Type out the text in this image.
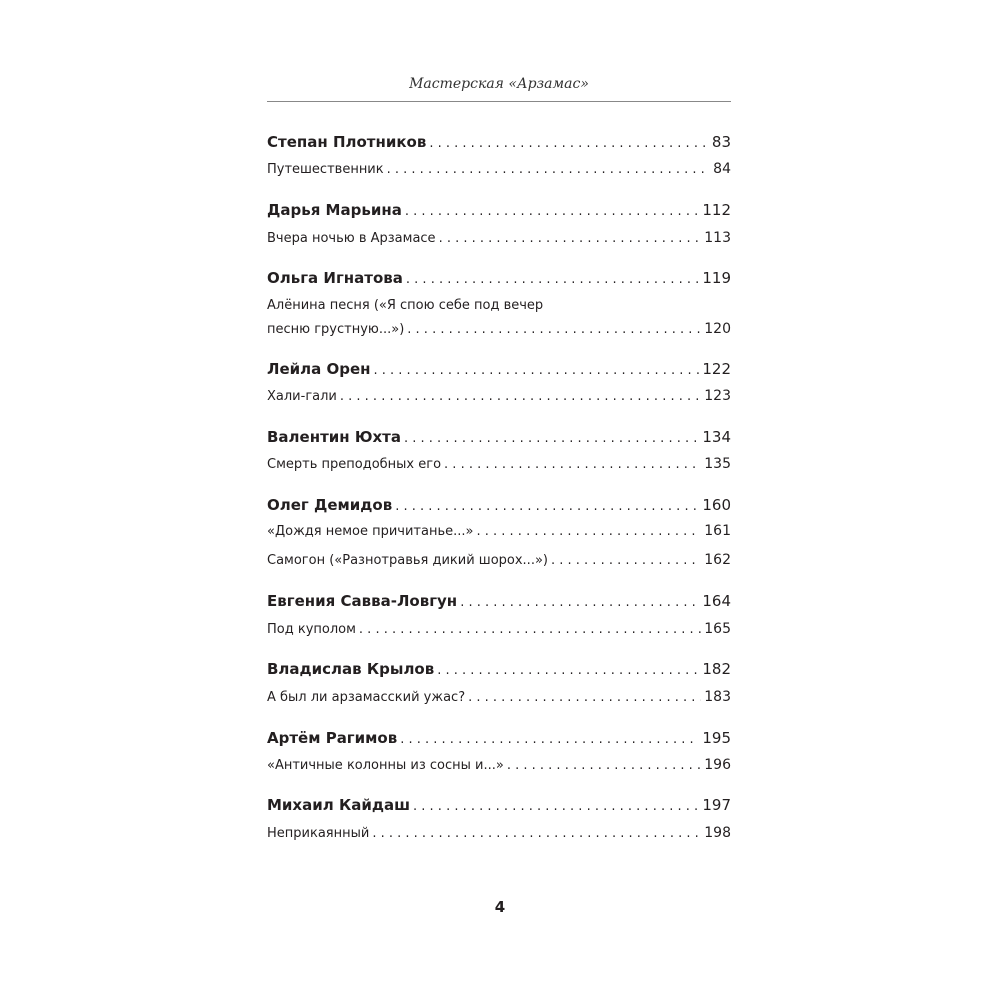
Мастерская «Арзамас»
Степан Плотников . . .	83
Путешественник . . .	84
Дарья Марьина . . .	112
Вчера ночью в Арзамасе . . .	113
Ольга Игнатова . . .	119
Алёнина песня («Я спою себе под вечер
песню грустную...») . . .	120
Лейла Орен . . .	122
Хали-гали . . .	123
Валентин Юхта . . .	134
Смерть преподобных его . . .	135
Олег Демидов . . .	160
«Дождя немое причитанье...» . . .	161
Самогон («Разнотравья дикий шорох...») . . .	162
Евгения Савва-Ловгун . . .	164
Под куполом . . .	165
Владислав Крылов . . .	182
А был ли арзамасский ужас? . . .	183
Артём Рагимов . . .	195
«Античные колонны из сосны и...» . . .	196
Михаил Кайдаш . . .	197
Неприкаянный . . .	198
4
